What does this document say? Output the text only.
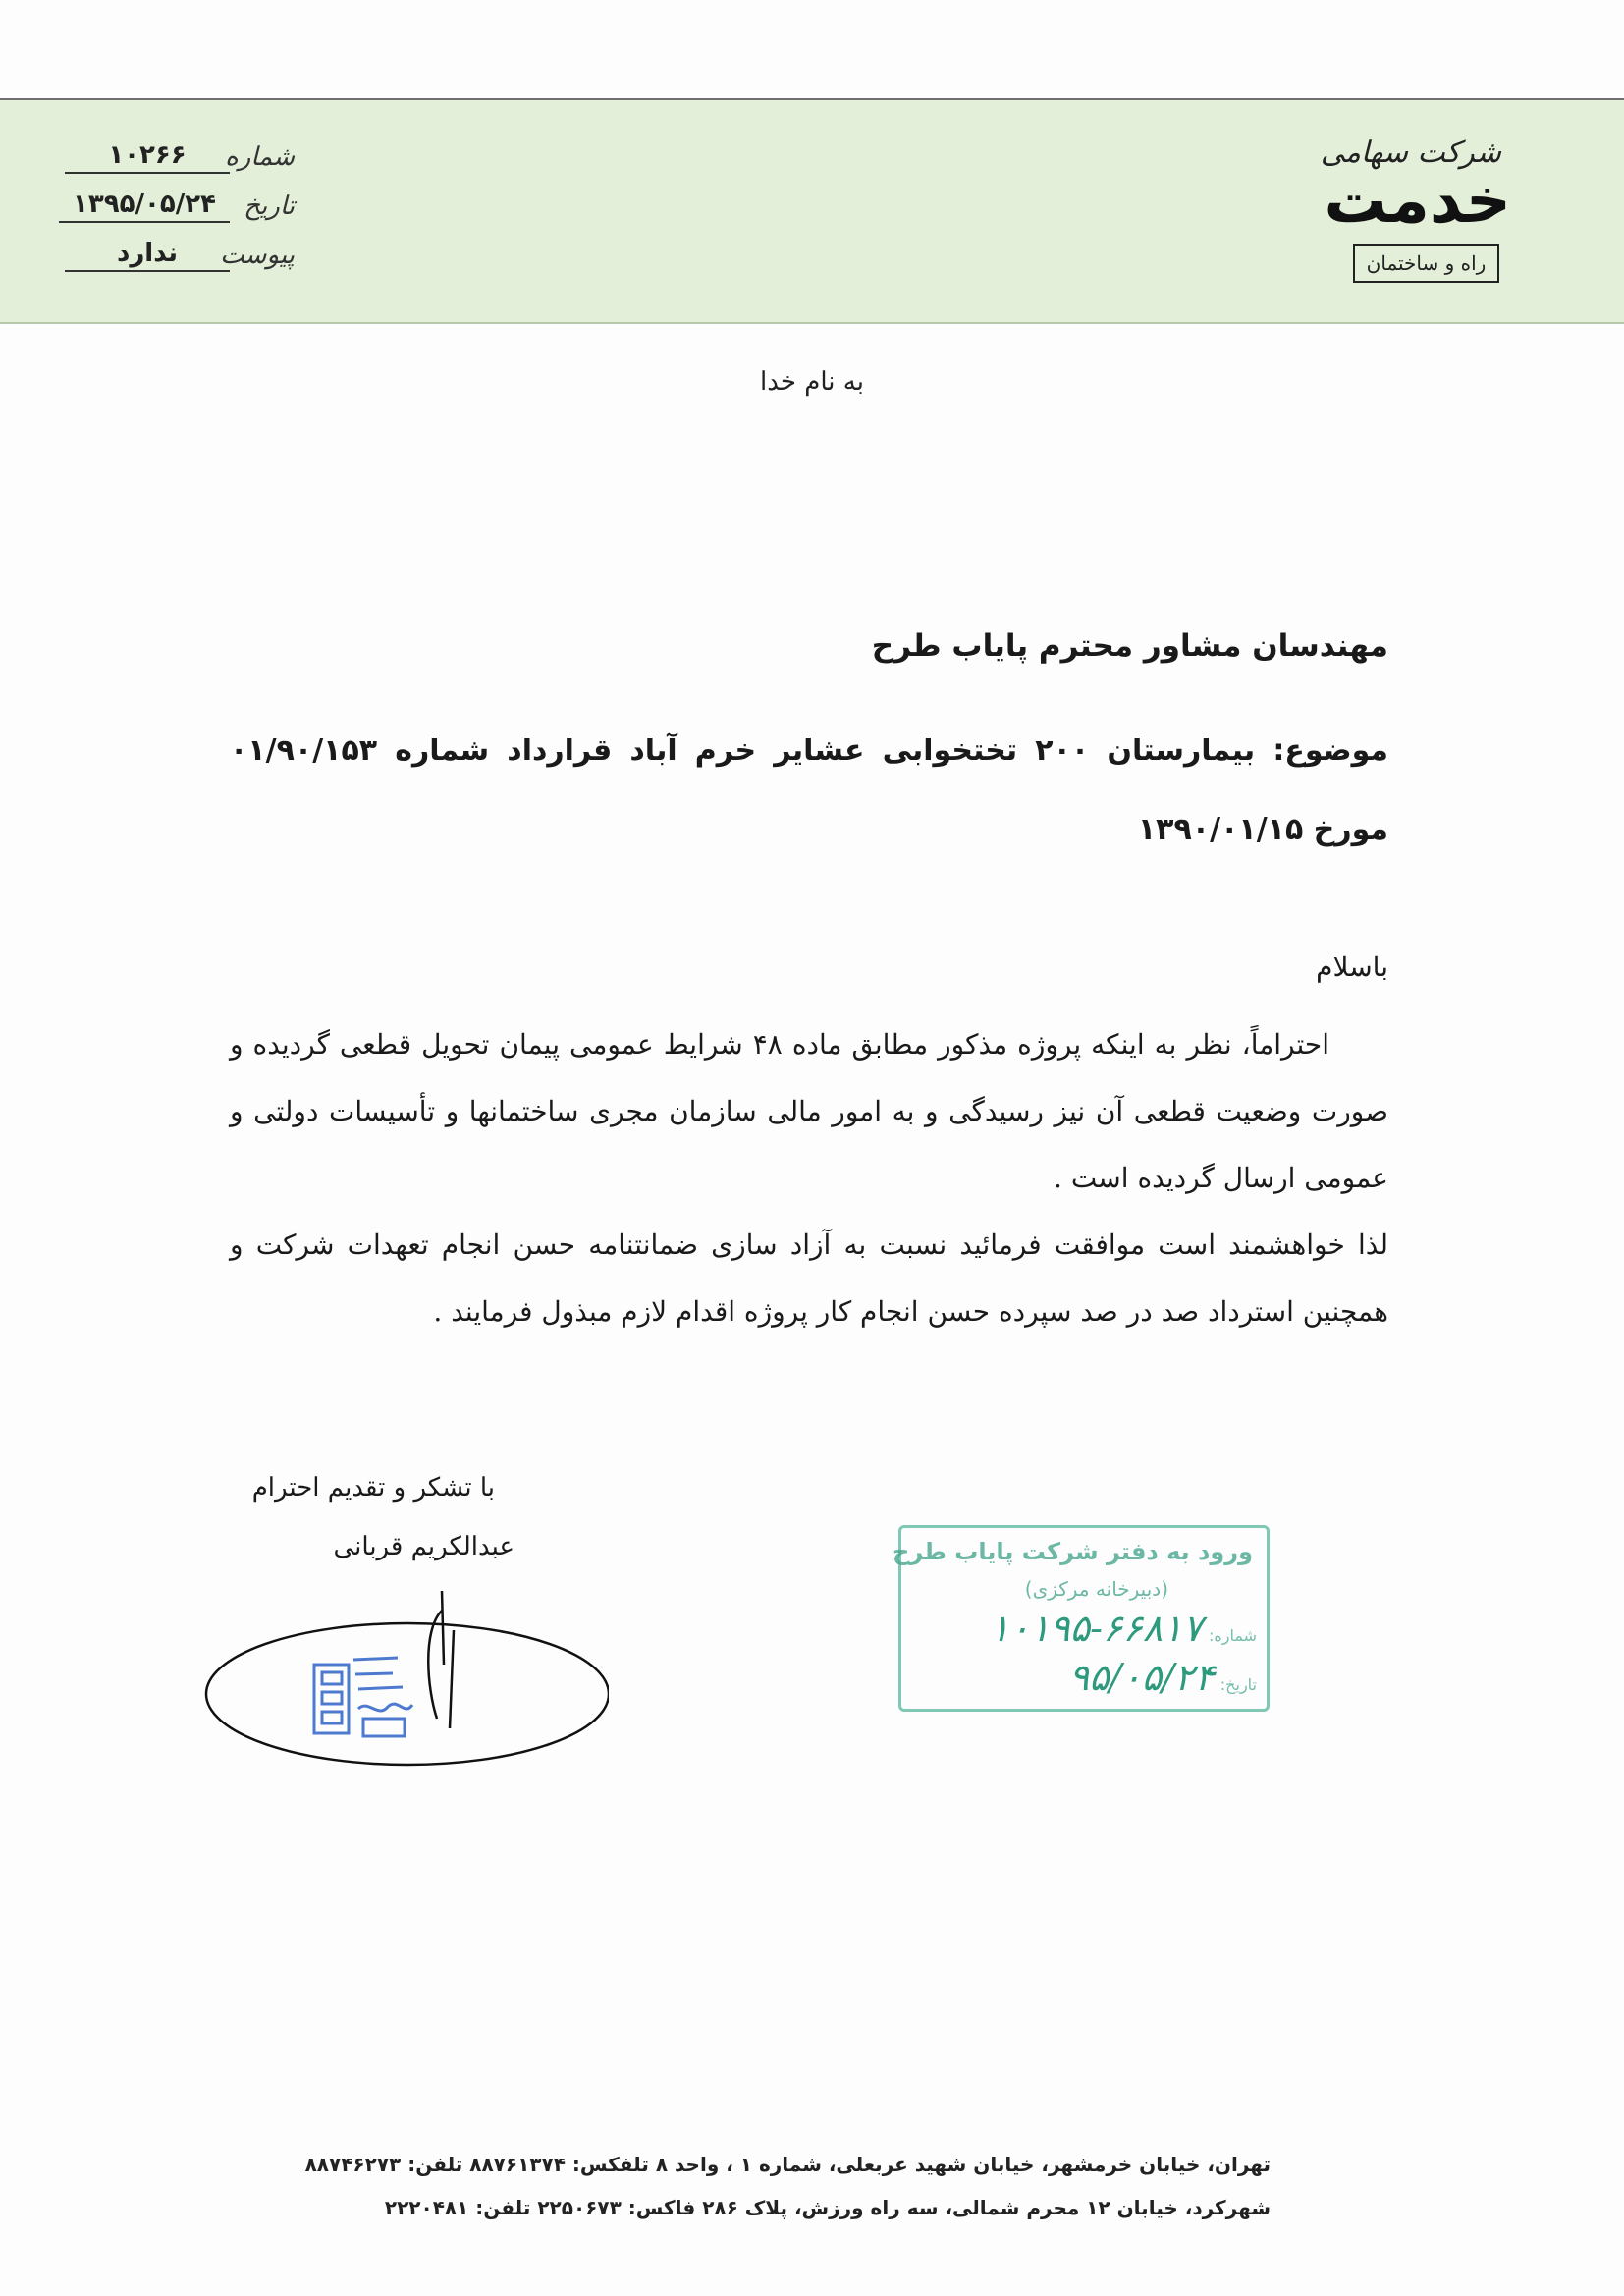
شرکت سهامی
خدمت
راه و ساختمان
شماره
۱۰۲۶۶
تاریخ
۱۳۹۵/۰۵/۲۴
پیوست
ندارد
به نام خدا
مهندسان مشاور محترم پایاب طرح
موضوع: بیمارستان ۲۰۰ تختخوابی عشایر خرم آباد قرارداد شماره ۰۱/۹۰/۱۵۳ مورخ ۱۳۹۰/۰۱/۱۵
باسلام
احتراماً، نظر به اینکه پروژه مذکور مطابق ماده ۴۸ شرایط عمومی پیمان تحویل قطعی گردیده و صورت وضعیت قطعی آن نیز رسیدگی و به امور مالی سازمان مجری ساختمانها و تأسیسات دولتی و عمومی ارسال گردیده است .
لذا خواهشمند است موافقت فرمائید نسبت به آزاد سازی ضمانتنامه حسن انجام تعهدات شرکت و همچنین استرداد صد در صد سپرده حسن انجام کار پروژه اقدام لازم مبذول فرمایند .
با تشکر و تقدیم احترام
عبدالکریم قربانی	ورود به دفتر شرکت پایاب طرح
(دبیرخانه مرکزی)
شماره:
۱۰۱۹۵-۶۶۸۱۷
تاریخ:
۹۵/۰۵/۲۴
تهران، خیابان خرمشهر، خیابان شهید عربعلی، شماره ۱ ، واحد ۸ تلفکس: ۸۸۷۶۱۳۷۴ تلفن: ۸۸۷۴۶۲۷۳
شهرکرد، خیابان ۱۲ محرم شمالی، سه راه ورزش، پلاک ۲۸۶ فاکس: ۲۲۵۰۶۷۳ تلفن: ۲۲۲۰۴۸۱
